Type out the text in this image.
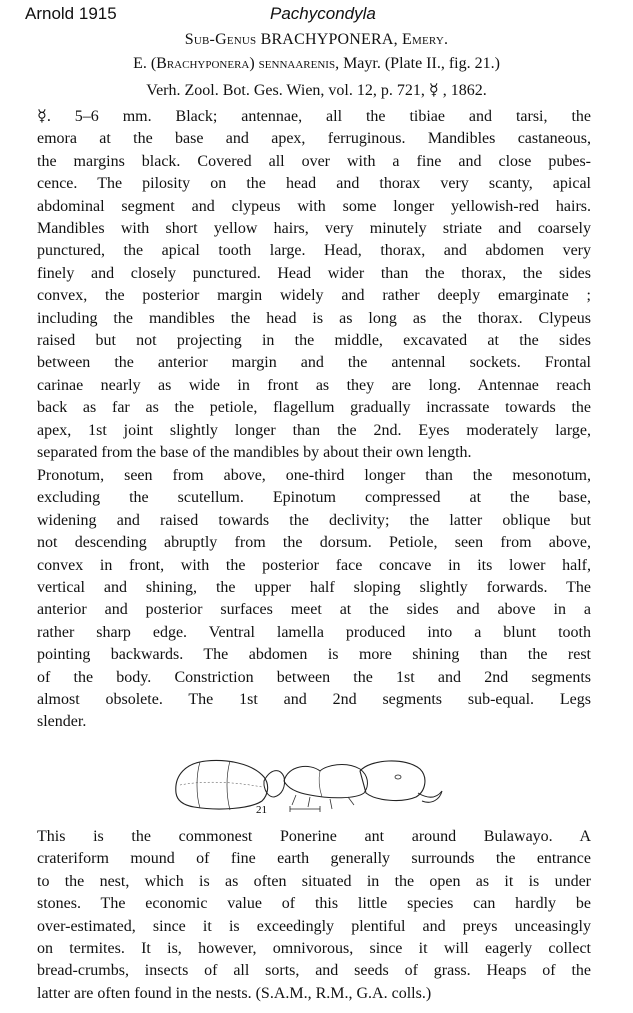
Arnold 1915	Pachycondyla
Sub-Genus BRACHYPONERA, Emery.
E. (Brachyponera) sennaarenis, Mayr. (Plate II., fig. 21.)
Verh. Zool. Bot. Ges. Wien, vol. 12, p. 721, ☿ , 1862.
☿. 5–6 mm. Black; antennae, all the tibiae and tarsi, the
emora at the base and apex, ferruginous. Mandibles castaneous,
the margins black. Covered all over with a fine and close pubes-
cence. The pilosity on the head and thorax very scanty, apical
abdominal segment and clypeus with some longer yellowish-red hairs.
Mandibles with short yellow hairs, very minutely striate and coarsely
punctured, the apical tooth large. Head, thorax, and abdomen very
finely and closely punctured. Head wider than the thorax, the sides
convex, the posterior margin widely and rather deeply emarginate ;
including the mandibles the head is as long as the thorax. Clypeus
raised but not projecting in the middle, excavated at the sides
between the anterior margin and the antennal sockets. Frontal
carinae nearly as wide in front as they are long. Antennae reach
back as far as the petiole, flagellum gradually incrassate towards the
apex, 1st joint slightly longer than the 2nd. Eyes moderately large,
separated from the base of the mandibles by about their own length.
Pronotum, seen from above, one-third longer than the mesonotum,
excluding the scutellum. Epinotum compressed at the base,
widening and raised towards the declivity; the latter oblique but
not descending abruptly from the dorsum. Petiole, seen from above,
convex in front, with the posterior face concave in its lower half,
vertical and shining, the upper half sloping slightly forwards. The
anterior and posterior surfaces meet at the sides and above in a
rather sharp edge. Ventral lamella produced into a blunt tooth
pointing backwards. The abdomen is more shining than the rest
of the body. Constriction between the 1st and 2nd segments
almost obsolete. The 1st and 2nd segments sub-equal. Legs
slender.
21
This is the commonest Ponerine ant around Bulawayo. A
crateriform mound of fine earth generally surrounds the entrance
to the nest, which is as often situated in the open as it is under
stones. The economic value of this little species can hardly be
over-estimated, since it is exceedingly plentiful and preys unceasingly
on termites. It is, however, omnivorous, since it will eagerly collect
bread-crumbs, insects of all sorts, and seeds of grass. Heaps of the
latter are often found in the nests. (S.A.M., R.M., G.A. colls.)
